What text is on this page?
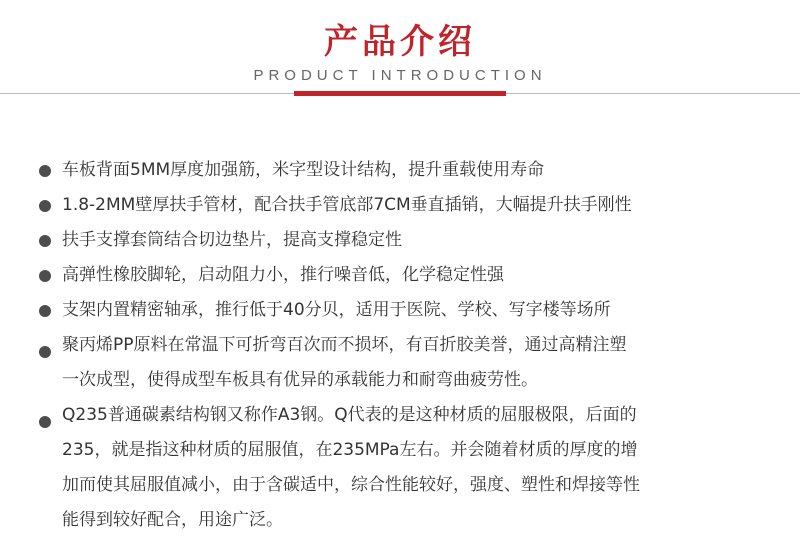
产品介绍
PRODUCT INTRODUCTION
车板背面5MM厚度加强筋，米字型设计结构，提升重载使用寿命
1.8-2MM壁厚扶手管材，配合扶手管底部7CM垂直插销，大幅提升扶手刚性
扶手支撑套筒结合切边垫片，提高支撑稳定性
高弹性橡胶脚轮，启动阻力小，推行噪音低，化学稳定性强
支架内置精密轴承，推行低于40分贝，适用于医院、学校、写字楼等场所
聚丙烯PP原料在常温下可折弯百次而不损坏，有百折胶美誉，通过高精注塑
一次成型，使得成型车板具有优异的承载能力和耐弯曲疲劳性。
Q235普通碳素结构钢又称作A3钢。Q代表的是这种材质的屈服极限，后面的
235，就是指这种材质的屈服值，在235MPa左右。并会随着材质的厚度的增
加而使其屈服值减小，由于含碳适中，综合性能较好，强度、塑性和焊接等性
能得到较好配合，用途广泛。
